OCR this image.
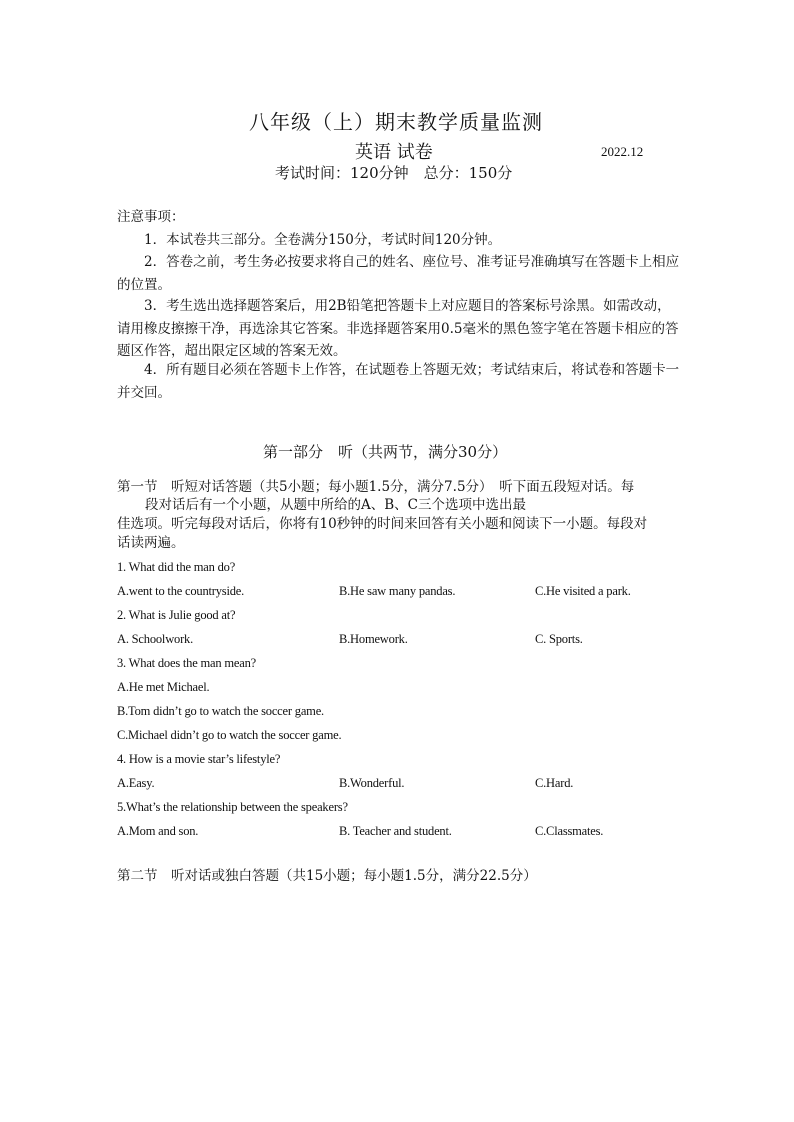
八年级（上）期末教学质量监测
英语 试卷	2022.12
考试时间：120分钟　总分：150分
注意事项：
1．本试卷共三部分。全卷满分150分，考试时间120分钟。
2．答卷之前，考生务必按要求将自己的姓名、座位号、准考证号准确填写在答题卡上相应的位置。
3．考生选出选择题答案后，用2B铅笔把答题卡上对应题目的答案标号涂黑。如需改动，请用橡皮擦擦干净，再选涂其它答案。非选择题答案用0.5毫米的黑色签字笔在答题卡相应的答题区作答，超出限定区域的答案无效。
4．所有题目必须在答题卡上作答，在试题卷上答题无效；考试结束后，将试卷和答题卡一并交回。
第一部分　听（共两节，满分30分）
第一节　听短对话答题（共5小题；每小题1.5分，满分7.5分）　听下面五段短对话。每
段对话后有一个小题，从题中所给的A、B、C三个选项中选出最
佳选项。听完每段对话后，你将有10秒钟的时间来回答有关小题和阅读下一小题。每段对
话读两遍。
1. What did the man do?
A.went to the countryside.	B.He saw many pandas.	C.He visited a park.
2. What is Julie good at?
A. Schoolwork.	B.Homework.	C. Sports.
3. What does the man mean?
A.He met Michael.
B.Tom didn’t go to watch the soccer game.
C.Michael didn’t go to watch the soccer game.
4. How is a movie star’s lifestyle?
A.Easy.	B.Wonderful.	C.Hard.
5.What’s the relationship between the speakers?
A.Mom and son.	B. Teacher and student.	C.Classmates.
第二节　听对话或独白答题（共15小题；每小题1.5分，满分22.5分）
